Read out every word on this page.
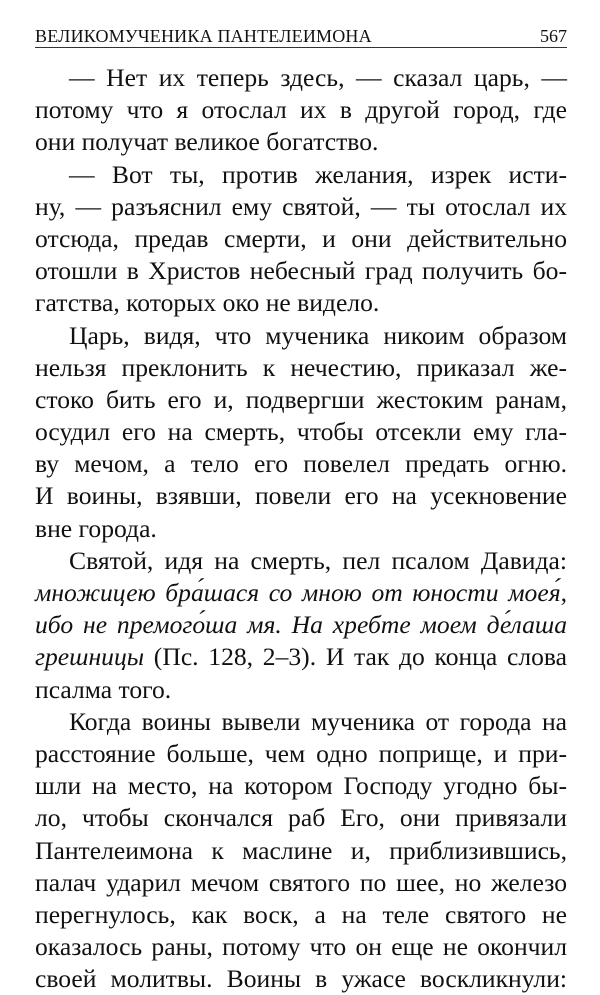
ВЕЛИКОМУЧЕНИКА ПАНТЕЛЕИМОНА	567
— Нет их теперь здесь, — сказал царь, —
потому что я отослал их в другой город, где
они получат великое богатство.
— Вот ты, против желания, изрек исти-
ну, — разъяснил ему святой, — ты отослал их
отсюда, предав смерти, и они действительно
отошли в Христов небесный град получить бо-
гатства, которых око не видело.
Царь, видя, что мученика никоим образом
нельзя преклонить к нечестию, приказал же-
стоко бить его и, подвергши жестоким ранам,
осудил его на смерть, чтобы отсекли ему гла-
ву мечом, а тело его повелел предать огню.
И воины, взявши, повели его на усекновение
вне города.
Святой, идя на смерть, пел псалом Давида:
множицею бра́шася со мною от юности моея́,
ибо не премого́ша мя. На хребте моем де́лаша
грешницы (Пс. 128, 2–3). И так до конца слова
псалма того.
Когда воины вывели мученика от города на
расстояние больше, чем одно поприще, и при-
шли на место, на котором Господу угодно бы-
ло, чтобы скончался раб Его, они привязали
Пантелеимона к маслине и, приблизившись,
палач ударил мечом святого по шее, но железо
перегнулось, как воск, а на теле святого не
оказалось раны, потому что он еще не окончил
своей молитвы. Воины в ужасе воскликнули:
